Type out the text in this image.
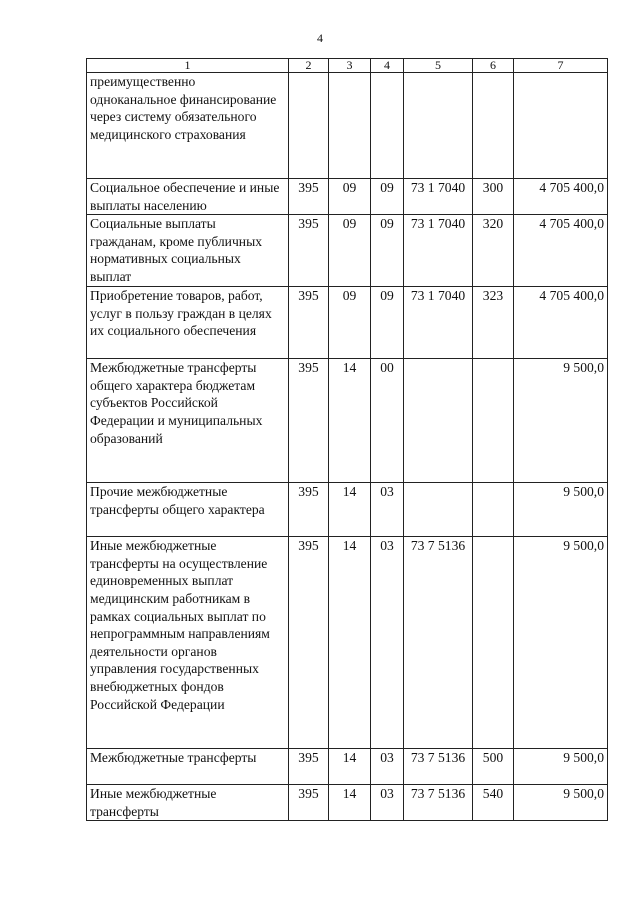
4
1	2	3	4	5	6	7
преимущественно одноканальное финансирование через систему обязательного медицинского страхования						
Социальное обеспечение и иные выплаты населению	395	09	09	73 1 7040	300	4 705 400,0
Социальные выплаты гражданам, кроме публичных нормативных социальных выплат	395	09	09	73 1 7040	320	4 705 400,0
Приобретение товаров, работ, услуг в пользу граждан в целях их социального обеспечения	395	09	09	73 1 7040	323	4 705 400,0
Межбюджетные трансферты общего характера бюджетам субъектов Российской Федерации и муниципальных образований	395	14	00			9 500,0
Прочие межбюджетные трансферты общего характера	395	14	03			9 500,0
Иные межбюджетные трансферты на осуществление единовременных выплат медицинским работникам в рамках социальных выплат по непрограммным направлениям деятельности органов управления государственных внебюджетных фондов Российской Федерации	395	14	03	73 7 5136		9 500,0
Межбюджетные трансферты	395	14	03	73 7 5136	500	9 500,0
Иные межбюджетные трансферты	395	14	03	73 7 5136	540	9 500,0
